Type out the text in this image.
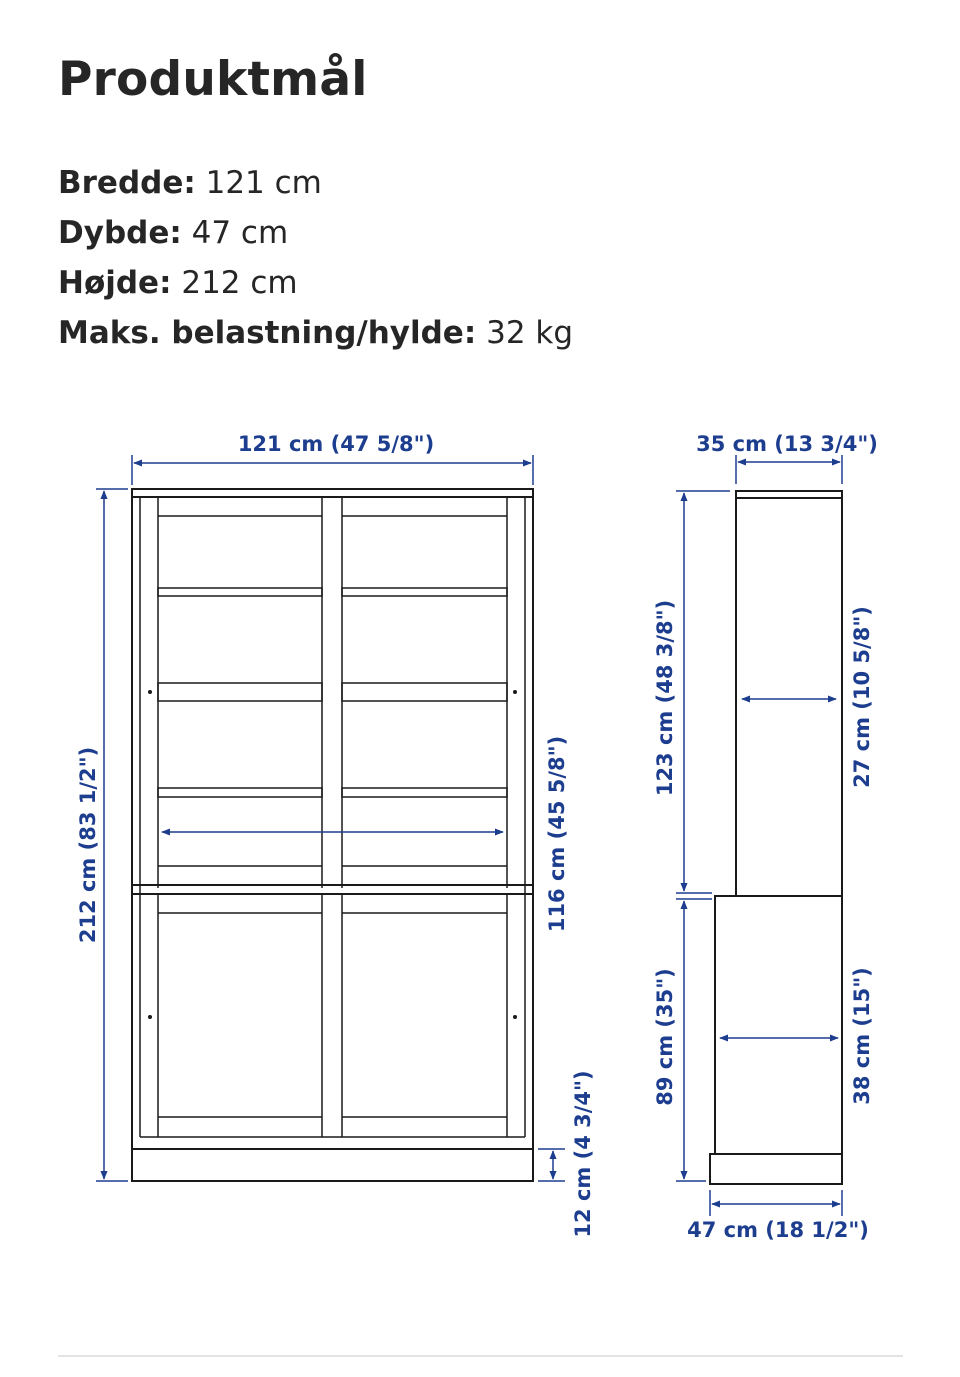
Produktmål
Bredde: 121 cm
Dybde: 47 cm
Højde: 212 cm
Maks. belastning/hylde: 32 kg
121 cm (47 5/8")
212 cm (83 1/2")	116 cm (45 5/8")
12 cm (4 3/4")
35 cm (13 3/4")
123 cm (48 3/8")	27 cm (10 5/8")
89 cm (35")	38 cm (15")
47 cm (18 1/2")
